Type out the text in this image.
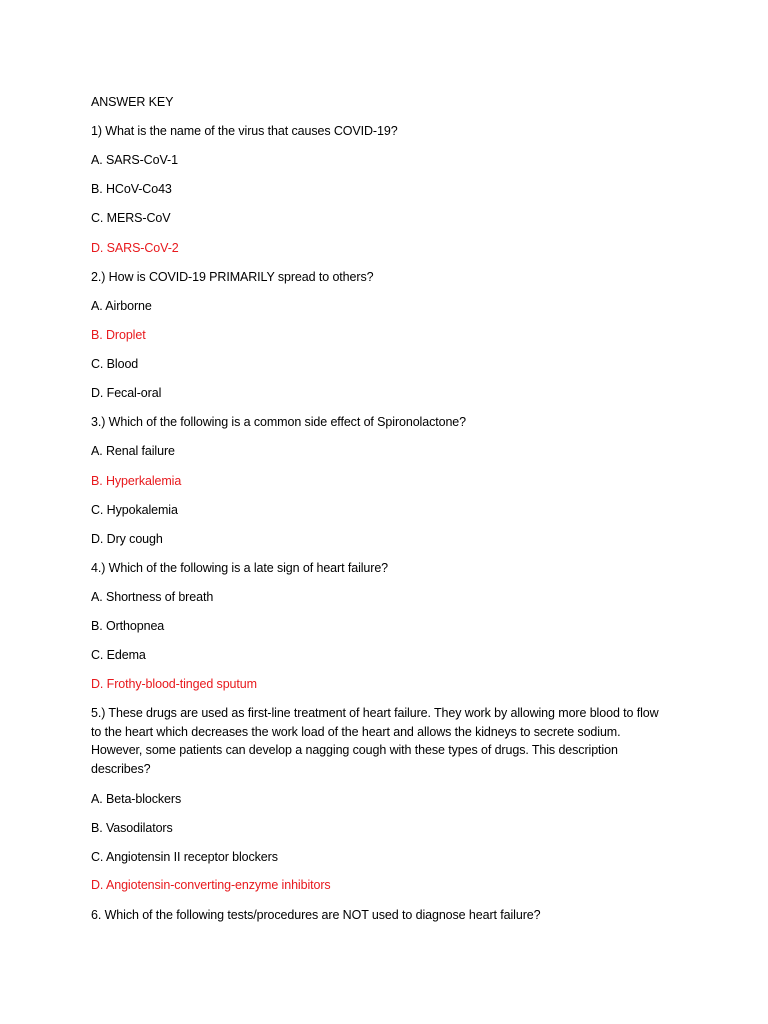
ANSWER KEY
1) What is the name of the virus that causes COVID-19?
A. SARS-CoV-1
B. HCoV-Co43
C. MERS-CoV
D. SARS-CoV-2
2.) How is COVID-19 PRIMARILY spread to others?
A. Airborne
B. Droplet
C. Blood
D. Fecal-oral
3.) Which of the following is a common side effect of Spironolactone?
A. Renal failure
B. Hyperkalemia
C. Hypokalemia
D. Dry cough
4.) Which of the following is a late sign of heart failure?
A. Shortness of breath
B. Orthopnea
C. Edema
D. Frothy-blood-tinged sputum
5.) These drugs are used as first-line treatment of heart failure. They work by allowing more blood to flow to the heart which decreases the work load of the heart and allows the kidneys to secrete sodium. However, some patients can develop a nagging cough with these types of drugs. This description describes?
A. Beta-blockers
B. Vasodilators
C. Angiotensin II receptor blockers
D. Angiotensin-converting-enzyme inhibitors
6. Which of the following tests/procedures are NOT used to diagnose heart failure?
